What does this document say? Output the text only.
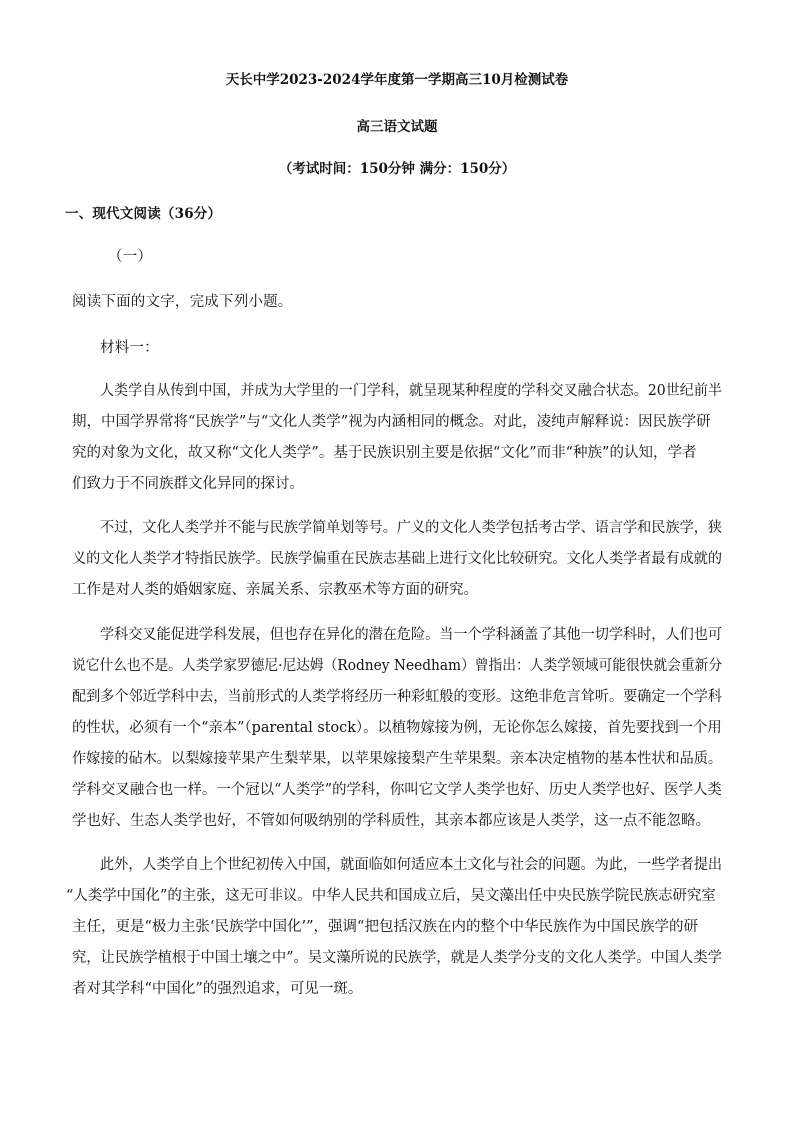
天长中学2023-2024学年度第一学期高三10月检测试卷
高三语文试题
（考试时间：150分钟 满分：150分）
一、现代文阅读（36分）
（一）
阅读下面的文字，完成下列小题。
材料一：
人类学自从传到中国，并成为大学里的一门学科，就呈现某种程度的学科交叉融合状态。20世纪前半
期，中国学界常将“民族学”与“文化人类学”视为内涵相同的概念。对此，凌纯声解释说：因民族学研
究的对象为文化，故又称“文化人类学”。基于民族识别主要是依据“文化”而非“种族”的认知，学者
们致力于不同族群文化异同的探讨。
不过，文化人类学并不能与民族学简单划等号。广义的文化人类学包括考古学、语言学和民族学，狭
义的文化人类学才特指民族学。民族学偏重在民族志基础上进行文化比较研究。文化人类学者最有成就的
工作是对人类的婚姻家庭、亲属关系、宗教巫术等方面的研究。
学科交叉能促进学科发展，但也存在异化的潜在危险。当一个学科涵盖了其他一切学科时，人们也可
说它什么也不是。人类学家罗德尼·尼达姆（Rodney Needham）曾指出：人类学领域可能很快就会重新分
配到多个邻近学科中去，当前形式的人类学将经历一种彩虹般的变形。这绝非危言耸听。要确定一个学科
的性状，必须有一个“亲本”（parental stock）。以植物嫁接为例，无论你怎么嫁接，首先要找到一个用
作嫁接的砧木。以梨嫁接苹果产生梨苹果，以苹果嫁接梨产生苹果梨。亲本决定植物的基本性状和品质。
学科交叉融合也一样。一个冠以“人类学”的学科，你叫它文学人类学也好、历史人类学也好、医学人类
学也好、生态人类学也好，不管如何吸纳别的学科质性，其亲本都应该是人类学，这一点不能忽略。
此外，人类学自上个世纪初传入中国，就面临如何适应本土文化与社会的问题。为此，一些学者提出
“人类学中国化”的主张，这无可非议。中华人民共和国成立后，吴文藻出任中央民族学院民族志研究室
主任，更是“极力主张‘民族学中国化’”，强调“把包括汉族在内的整个中华民族作为中国民族学的研
究，让民族学植根于中国土壤之中”。吴文藻所说的民族学，就是人类学分支的文化人类学。中国人类学
者对其学科“中国化”的强烈追求，可见一斑。
